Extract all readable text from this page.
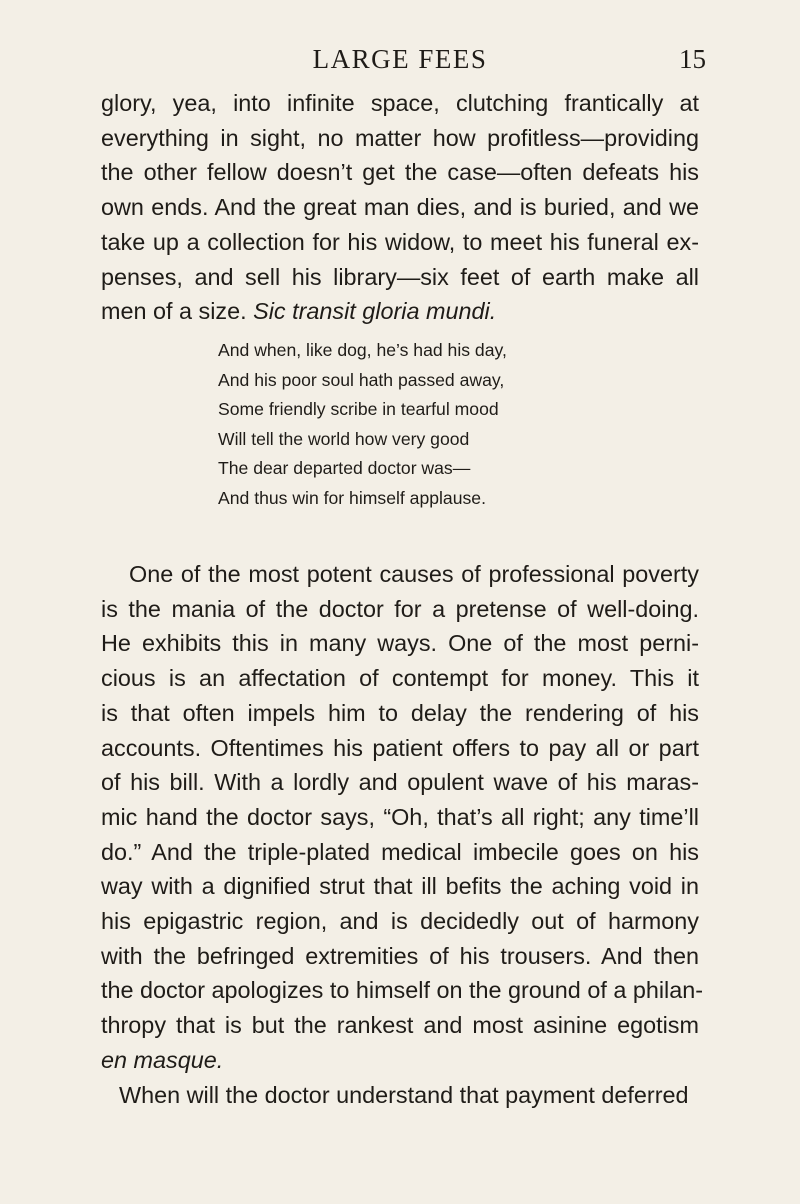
LARGE FEES	15
glory, yea, into infinite space, clutching frantically at
everything in sight, no matter how profitless—providing
the other fellow doesn’t get the case—often defeats his
own ends. And the great man dies, and is buried, and we
take up a collection for his widow, to meet his funeral ex-
penses, and sell his library—six feet of earth make all
men of a size. Sic transit gloria mundi.
And when, like dog, he’s had his day,
And his poor soul hath passed away,
Some friendly scribe in tearful mood
Will tell the world how very good
The dear departed doctor was—
And thus win for himself applause.
One of the most potent causes of professional poverty
is the mania of the doctor for a pretense of well-doing.
He exhibits this in many ways. One of the most perni-
cious is an affectation of contempt for money. This it
is that often impels him to delay the rendering of his
accounts. Oftentimes his patient offers to pay all or part
of his bill. With a lordly and opulent wave of his maras-
mic hand the doctor says, “Oh, that’s all right; any time’ll
do.” And the triple-plated medical imbecile goes on his
way with a dignified strut that ill befits the aching void in
his epigastric region, and is decidedly out of harmony
with the befringed extremities of his trousers. And then
the doctor apologizes to himself on the ground of a philan-
thropy that is but the rankest and most asinine egotism
en masque.
When will the doctor understand that payment deferred
